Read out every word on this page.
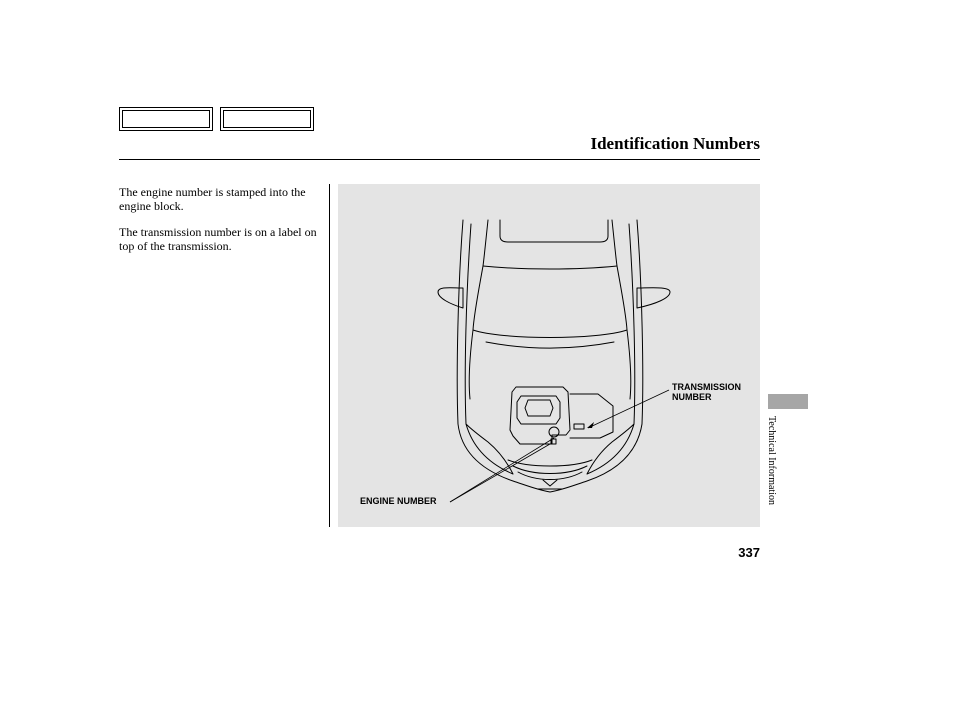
Identification Numbers
The engine number is stamped into the engine block.
The transmission number is on a label on top of the transmission.
TRANSMISSION
NUMBER
ENGINE NUMBER	Technical Information
337
